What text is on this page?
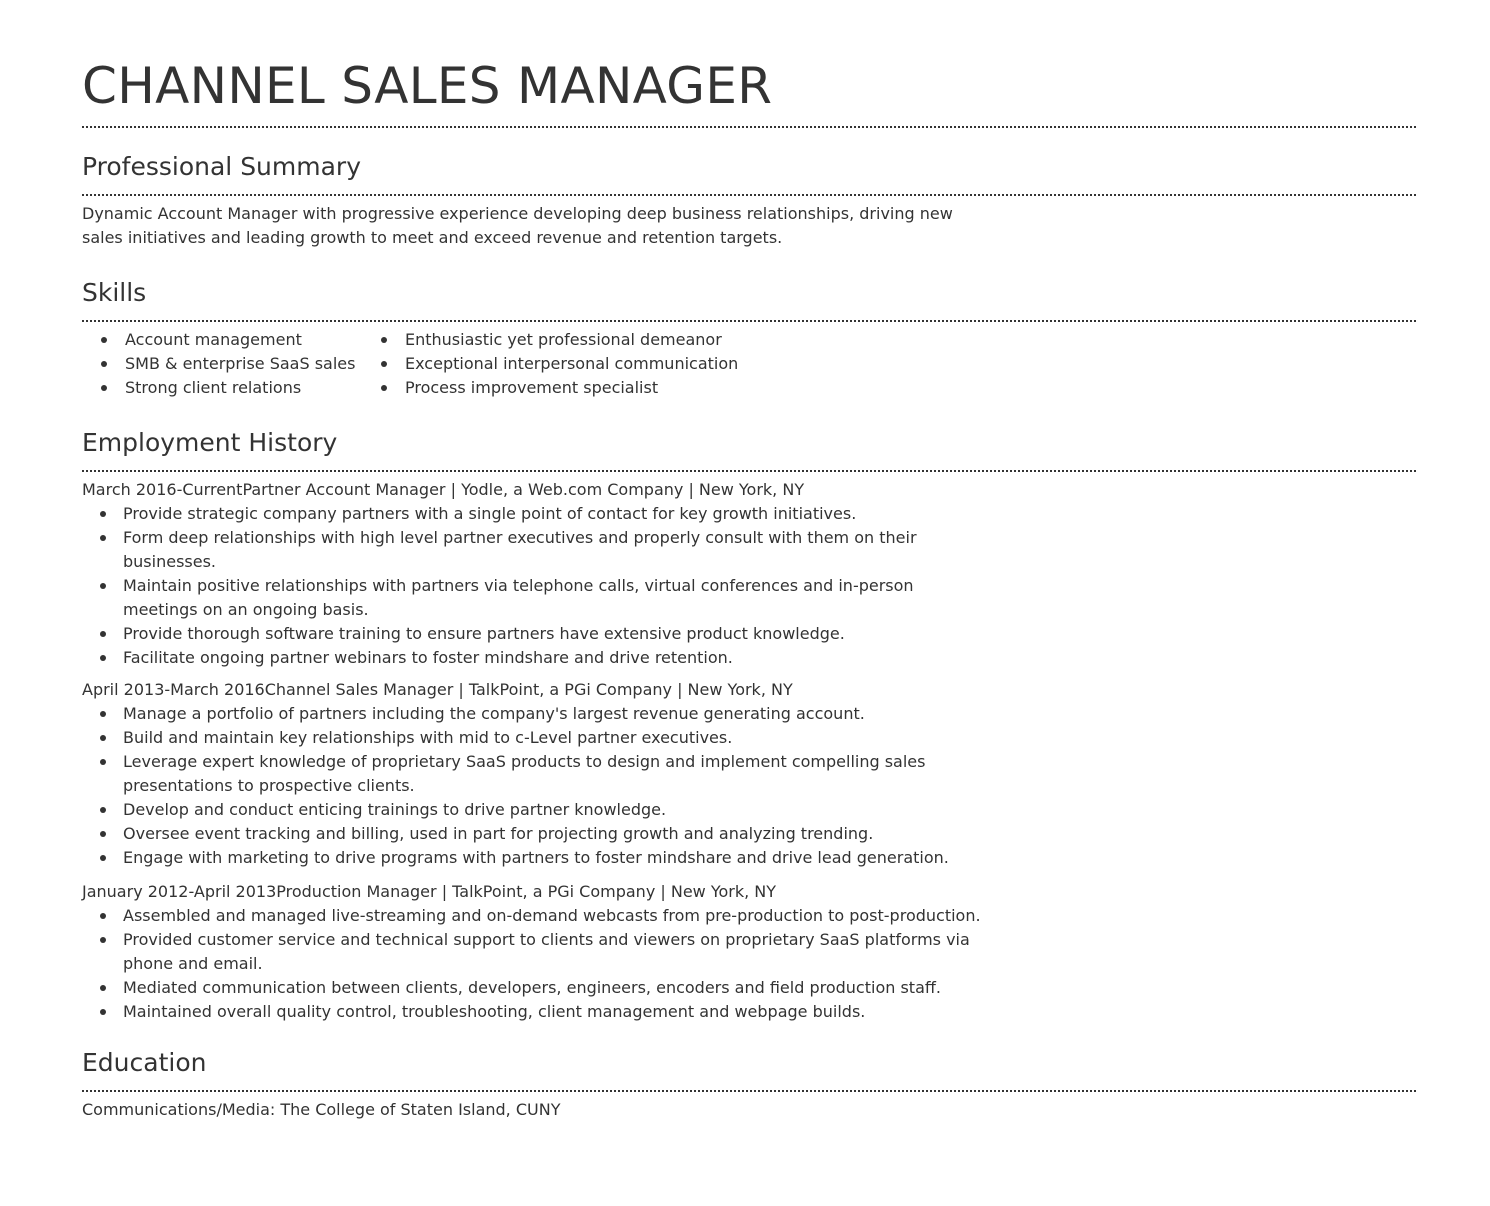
CHANNEL SALES MANAGER
Professional Summary

Dynamic Account Manager with progressive experience developing deep business relationships, driving new sales initiatives and leading growth to meet and exceed revenue and retention targets.

Skills
Account management
SMB & enterprise SaaS sales
Strong client relations
Enthusiastic yet professional demeanor
Exceptional interpersonal communication
Process improvement specialist
Employment History

March 2016-CurrentPartner Account Manager | Yodle, a Web.com Company | New York, NY

Provide strategic company partners with a single point of contact for key growth initiatives.
Form deep relationships with high level partner executives and properly consult with them on their businesses.
Maintain positive relationships with partners via telephone calls, virtual conferences and in-person meetings on an ongoing basis.
Provide thorough software training to ensure partners have extensive product knowledge.
Facilitate ongoing partner webinars to foster mindshare and drive retention.

April 2013-March 2016Channel Sales Manager | TalkPoint, a PGi Company | New York, NY

Manage a portfolio of partners including the company's largest revenue generating account.
Build and maintain key relationships with mid to c-Level partner executives.
Leverage expert knowledge of proprietary SaaS products to design and implement compelling sales presentations to prospective clients.
Develop and conduct enticing trainings to drive partner knowledge.
Oversee event tracking and billing, used in part for projecting growth and analyzing trending.
Engage with marketing to drive programs with partners to foster mindshare and drive lead generation.

January 2012-April 2013Production Manager | TalkPoint, a PGi Company | New York, NY

Assembled and managed live-streaming and on-demand webcasts from pre-production to post-production.
Provided customer service and technical support to clients and viewers on proprietary SaaS platforms via phone and email.
Mediated communication between clients, developers, engineers, encoders and field production staff.
Maintained overall quality control, troubleshooting, client management and webpage builds.
Education

Communications/Media: The College of Staten Island, CUNY
